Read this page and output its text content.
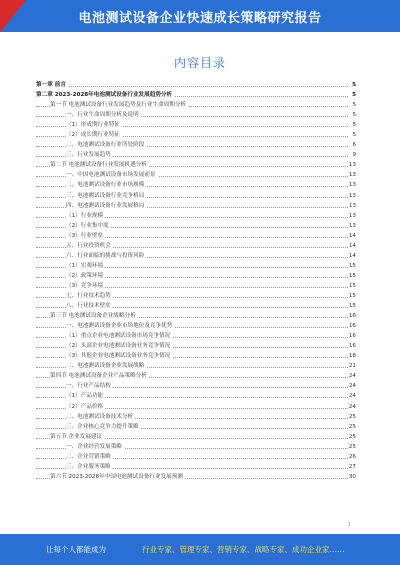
电池测试设备企业快速成长策略研究报告
内容目录
第一章 前言	5
第二章 2023-2028年电池测试设备行业发展趋势分析	5
第一节 电池测试设备行业发展趋势及行业生命周期分析	5
一、行业生命周期分析及说明	5
（1）形成期行业特征	5
（2）成长期行业特征	5
二、电池测试设备行业所处阶段	6
三、行业发展趋势	9
第二节 电池测试设备行业发展机遇分析	13
一、中国电池测试设备市场发展前景	13
二、电池测试设备行业市场规模	13
三、电池测试设备行业竞争格局	13
四、电池测试设备行业发展格局	13
（1）行业规模	13
（2）行业集中度	13
（3）行业壁垒	14
五、行业投资机会	14
六、行业面临的挑战与投资风险	14
（1）宏观环境	15
（2）政策环境	15
（3）竞争环境	15
七、行业技术趋势	15
八、行业技术壁垒	15
第三节 电池测试设备企业战略分析	16
一、电池测试设备企业市场地位及竞争优势	16
（1）重点企业电池测试设备市场竞争情况	16
（2）头部企业电池测试设备业务竞争情况	16
（3）其他企业电池测试设备业务竞争情况	18
二、电池测试设备企业发展战略	21
第四节 电池测试设备企业产品策略分析	24
一、行业产品结构	24
（1）产品功能	24
（2）产品价格	24
二、电池测试设备技术分析	25
三、企业核心竞争力提升策略	25
第五节 企业发展建议	25
一、企业经营发展策略	25
二、企业营销策略	26
三、企业服务策略	27
第六节 2023-2028年中国电池测试设备行业发展预测	30
1
让每个人都能成为	行业专家、管理专家、营销专家、战略专家、成功企业家……
